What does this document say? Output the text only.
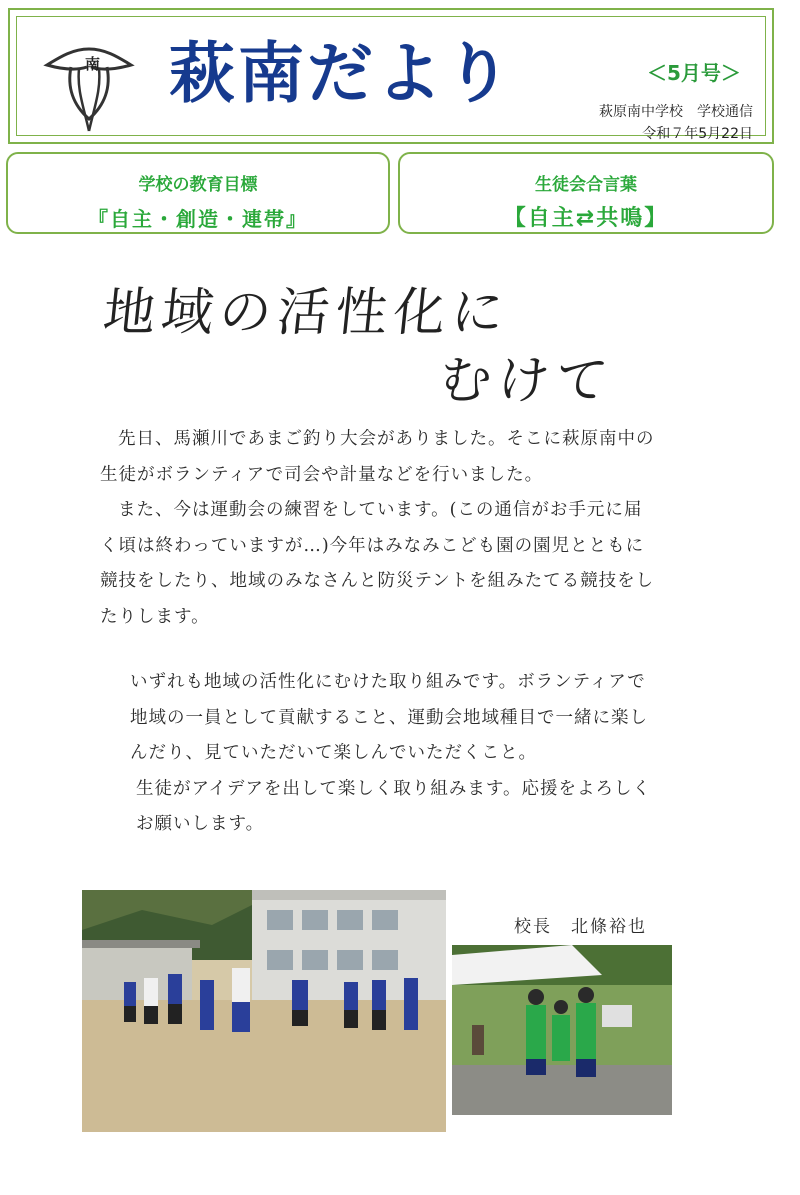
南 萩南だより	＜5月号＞
萩原南中学校　学校通信
令和７年5月22日
学校の教育目標
『自主・創造・連帯』
生徒会合言葉
【自主⇄共鳴】
地域の活性化に
むけて

先日、馬瀬川であまご釣り大会がありました。そこに萩原南中の生徒がボランティアで司会や計量などを行いました。

また、今は運動会の練習をしています。(この通信がお手元に届く頃は終わっていますが…)今年はみなみこども園の園児とともに競技をしたり、地域のみなさんと防災テントを組みたてる競技をしたりします。

いずれも地域の活性化にむけた取り組みです。ボランティアで地域の一員として貢献すること、運動会地域種目で一緒に楽しんだり、見ていただいて楽しんでいただくこと。

生徒がアイデアを出して楽しく取り組みます。応援をよろしくお願いします。

校長　北條裕也
